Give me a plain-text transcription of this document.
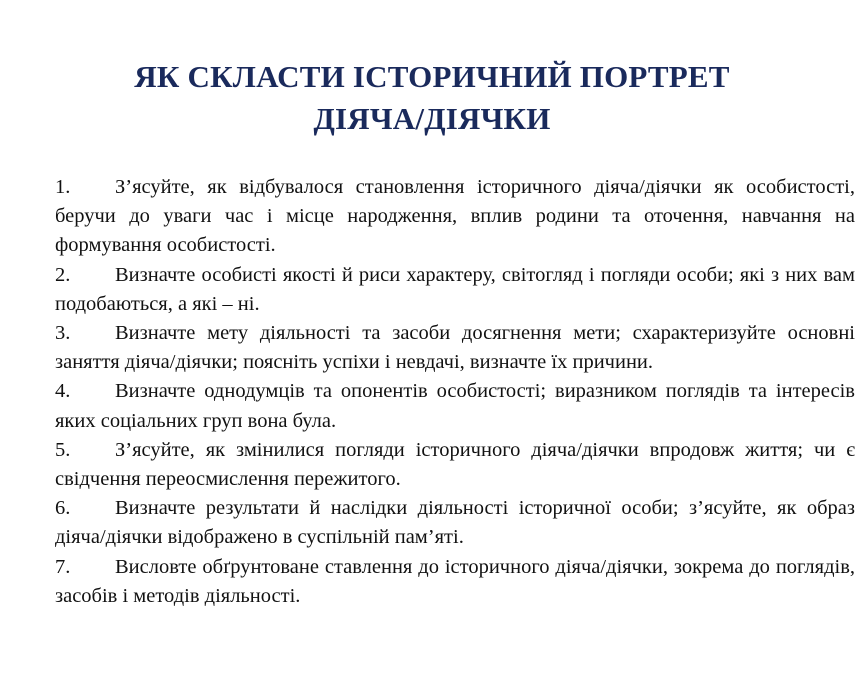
ЯК СКЛАСТИ ІСТОРИЧНИЙ ПОРТРЕТ
ДІЯЧА/ДІЯЧКИ
1. З’ясуйте, як відбувалося становлення історичного діяча/діячки як особистості, беручи до уваги час і місце народження, вплив родини та оточення, навчання на формування особистості.
2. Визначте особисті якості й риси характеру, світогляд і погляди особи; які з них вам подобаються, а які – ні.
3. Визначте мету діяльності та засоби досягнення мети; схарактеризуйте основні заняття діяча/діячки; поясніть успіхи і невдачі, визначте їх причини.
4. Визначте однодумців та опонентів особистості; виразником поглядів та інтересів яких соціальних груп вона була.
5. З’ясуйте, як змінилися погляди історичного діяча/діячки впродовж життя; чи є свідчення переосмислення пережитого.
6. Визначте результати й наслідки діяльності історичної особи; з’ясуйте, як образ діяча/діячки відображено в суспільній пам’яті.
7. Висловте обґрунтоване ставлення до історичного діяча/діячки, зокрема до поглядів, засобів і методів діяльності.
